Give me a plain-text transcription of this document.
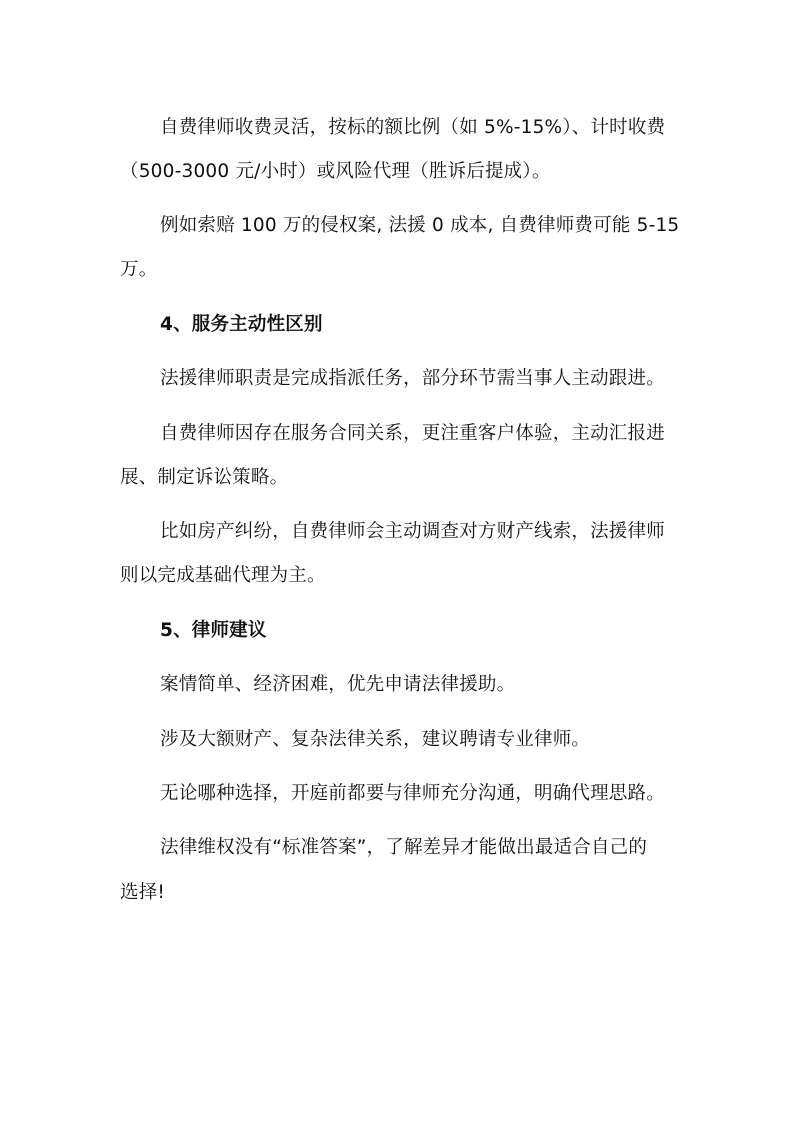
自费律师收费灵活，按标的额比例（如 5%-15%）、计时收费
（500-3000 元/小时）或风险代理（胜诉后提成）。
例如索赔 100 万的侵权案, 法援 0 成本, 自费律师费可能 5-15
万。
4、服务主动性区别
法援律师职责是完成指派任务，部分环节需当事人主动跟进。
自费律师因存在服务合同关系，更注重客户体验，主动汇报进
展、制定诉讼策略。
比如房产纠纷，自费律师会主动调查对方财产线索，法援律师
则以完成基础代理为主。
5、律师建议
案情简单、经济困难，优先申请法律援助。
涉及大额财产、复杂法律关系，建议聘请专业律师。
无论哪种选择，开庭前都要与律师充分沟通，明确代理思路。
法律维权没有“标准答案”，了解差异才能做出最适合自己的
选择!
